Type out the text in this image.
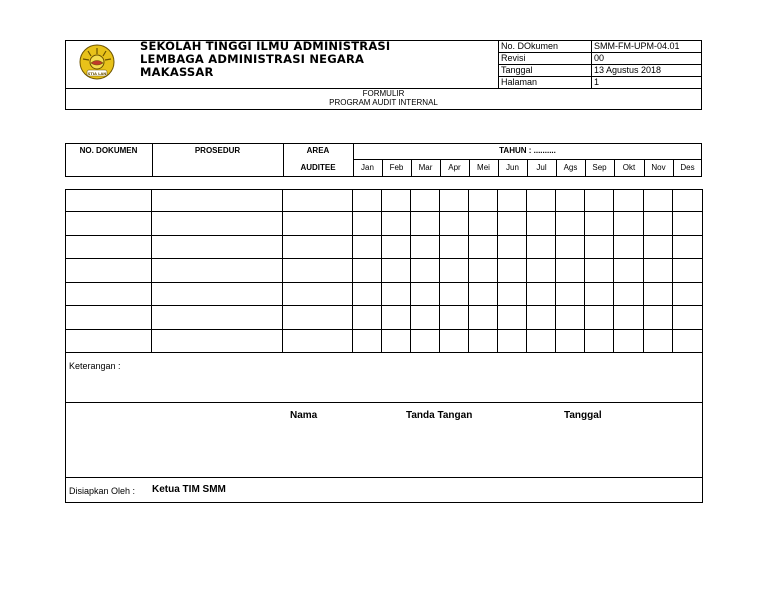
STIA LAN
SEKOLAH TINGGI ILMU ADMINISTRASI
LEMBAGA ADMINISTRASI NEGARA
MAKASSAR
No. DOkumen	SMM-FM-UPM-04.01
Revisi	00
Tanggal	13 Agustus 2018
Halaman	1
FORMULIR
PROGRAM AUDIT INTERNAL
NO. DOKUMEN	PROSEDUR	AREA
AUDITEE
TAHUN : ..........
Jan	Feb	Mar	Apr	Mei	Jun	Jul	Ags	Sep	Okt	Nov	Des
Keterangan :
Nama	Tanda Tangan	Tanggal
Disiapkan Oleh : Ketua TIM SMM
